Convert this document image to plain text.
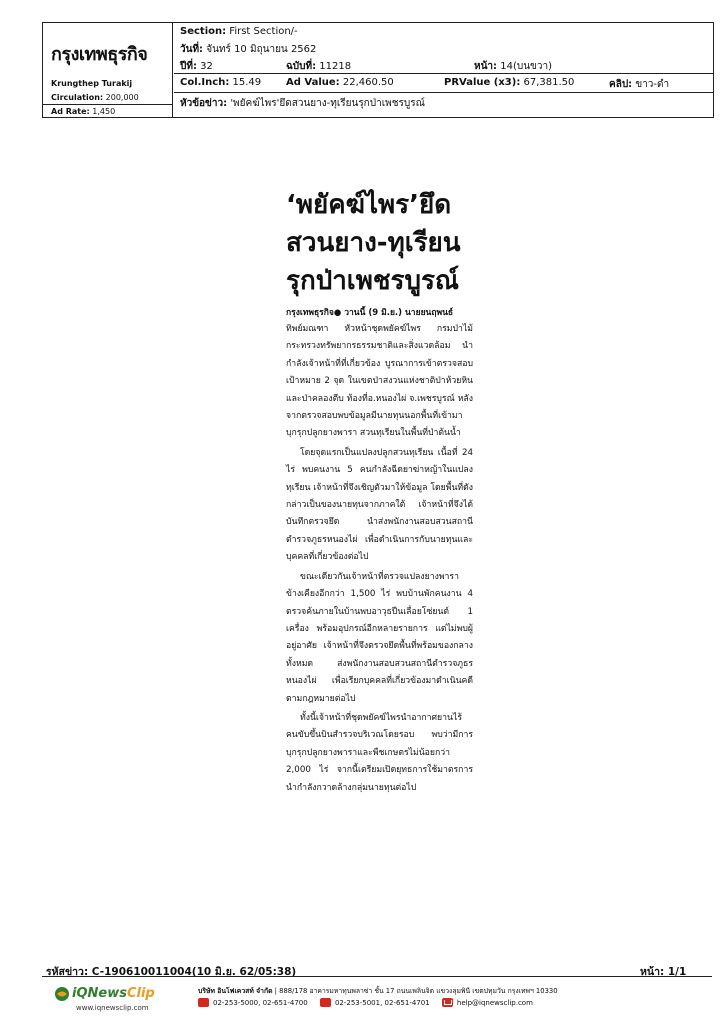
กรุงเทพธุรกิจ
Krungthep Turakij
Circulation: 200,000
Ad Rate: 1,450
Section: First Section/-
วันที่: จันทร์ 10 มิถุนายน 2562
ปีที่: 32	ฉบับที่: 11218	หน้า: 14(บนขวา)
Col.Inch: 15.49 Ad Value: 22,460.50	PRValue (x3): 67,381.50	คลิป: ขาว-ดำ
หัวข้อข่าว: 'พยัคฆ์ไพร'ยึดสวนยาง-ทุเรียนรุกป่าเพชรบูรณ์
‘พยัคฆ์ไพร’ยึด
สวนยาง-ทุเรียน
รุกป่าเพชรบูรณ์
กรุงเทพธุรกิจ● วานนี้ (9 มิ.ย.) นายยนฤพนธ์

ทิพย์มณฑา หัวหน้าชุดพยัคฆ์ไพร กรมป่าไม้ กระทรวงทรัพยากรธรรมชาติและสิ่งแวดล้อม นำกำลังเจ้าหน้าที่ที่เกี่ยวข้อง บูรณาการเข้าตรวจสอบเป้าหมาย 2 จุด ในเขตป่าสงวนแห่งชาติป่าห้วยหินและป่าคลองตีบ ท้องที่อ.หนองไผ่ จ.เพชรบูรณ์ หลังจากตรวจสอบพบข้อมูลมีนายทุนนอกพื้นที่เข้ามาบุกรุกปลูกยางพารา สวนทุเรียนในพื้นที่ป่าต้นน้ำ

โดยจุดแรกเป็นแปลงปลูกสวนทุเรียน เนื้อที่ 24 ไร่ พบคนงาน 5 คนกำลังฉีดยาฆ่าหญ้าในแปลงทุเรียน เจ้าหน้าที่จึงเชิญตัวมาให้ข้อมูล โดยพื้นที่ดังกล่าวเป็นของนายทุนจากภาคใต้ เจ้าหน้าที่จึงได้บันทึกตรวจยึด นำส่งพนักงานสอบสวนสถานีตำรวจภูธรหนองไผ่ เพื่อดำเนินการกับนายทุนและบุคคลที่เกี่ยวข้องต่อไป

ขณะเดียวกันเจ้าหน้าที่ตรวจแปลงยางพาราข้างเคียงอีกกว่า 1,500 ไร่ พบบ้านพักคนงาน 4 ตรวจค้นภายในบ้านพบอาวุธปืนเลื่อยโซ่ยนต์ 1 เครื่อง พร้อมอุปกรณ์อีกหลายรายการ แต่ไม่พบผู้อยู่อาศัย เจ้าหน้าที่จึงตรวจยึดพื้นที่พร้อมของกลางทั้งหมด ส่งพนักงานสอบสวนสถานีตำรวจภูธรหนองไผ่ เพื่อเรียกบุคคลที่เกี่ยวข้องมาดำเนินคดีตามกฎหมายต่อไป

ทั้งนี้เจ้าหน้าที่ชุดพยัคฆ์ไพรนำอากาศยานไร้คนขับขึ้นบินสำรวจบริเวณโดยรอบ พบว่ามีการบุกรุกปลูกยางพาราและพืชเกษตรไม่น้อยกว่า 2,000 ไร่ จากนี้เตรียมเปิดยุทธการใช้มาตรการ นำกำลังกวาดล้างกลุ่มนายทุนต่อไป

รหัสข่าว: C-190610011004(10 มิ.ย. 62/05:38)	หน้า: 1/1
iQNewsClip
www.iqnewsclip.com
บริษัท อินโฟเควสท์ จำกัด | 888/178 อาคารมหาทุนพลาซ่า ชั้น 17 ถนนเพลินจิต แขวงลุมพินี เขตปทุมวัน กรุงเทพฯ 10330
02-253-5000, 02-651-4700
	02-253-5001, 02-651-4701
	help@iqnewsclip.com
